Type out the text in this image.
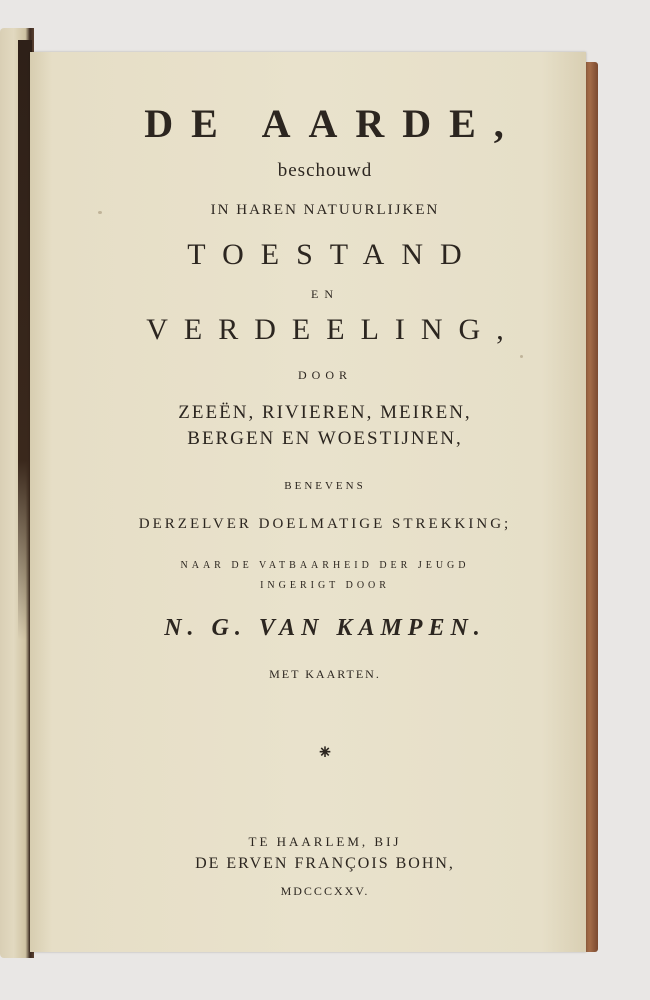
DE AARDE,
beschouwd
IN HAREN NATUURLIJKEN
TOESTAND
EN
VERDEELING,
DOOR
ZEEËN, RIVIEREN, MEIREN,
BERGEN EN WOESTIJNEN,
BENEVENS
DERZELVER DOELMATIGE STREKKING;
NAAR DE VATBAARHEID DER JEUGD
INGERIGT DOOR
N. G. VAN KAMPEN.
MET KAARTEN.
⁕
TE HAARLEM, BIJ
DE ERVEN FRANÇOIS BOHN,
MDCCCXXV.
